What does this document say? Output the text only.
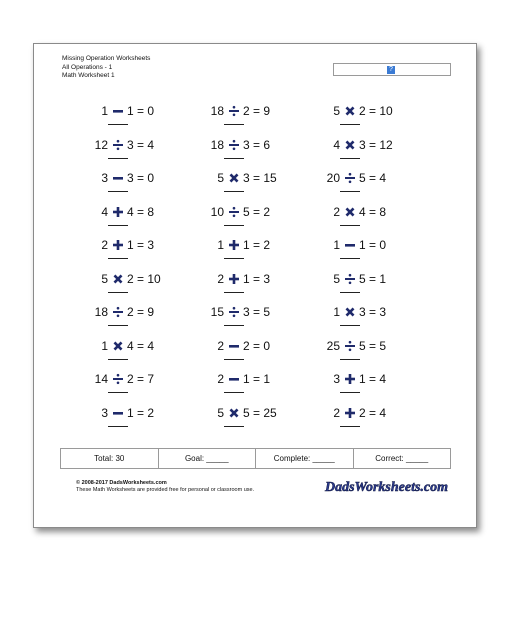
Missing Operation Worksheets
All Operations - 1
Math Worksheet 1
?
1 1 = 0
12 3 = 4
3 3 = 0
4 4 = 8
2 1 = 3
5 2 = 10
18 2 = 9
1 4 = 4
14 2 = 7
3 1 = 2
18 2 = 9
18 3 = 6
5 3 = 15
10 5 = 2
1 1 = 2
2 1 = 3
15 3 = 5
2 2 = 0
2 1 = 1
5 5 = 25
5 2 = 10
4 3 = 12
20 5 = 4
2 4 = 8
1 1 = 0
5 5 = 1
1 3 = 3
25 5 = 5
3 1 = 4
2 2 = 4
Total: 30	Goal: _____	Complete: _____	Correct: _____
© 2008-2017 DadsWorksheets.com
These Math Worksheets are provided free for personal or classroom use.	DadsWorksheets.com
